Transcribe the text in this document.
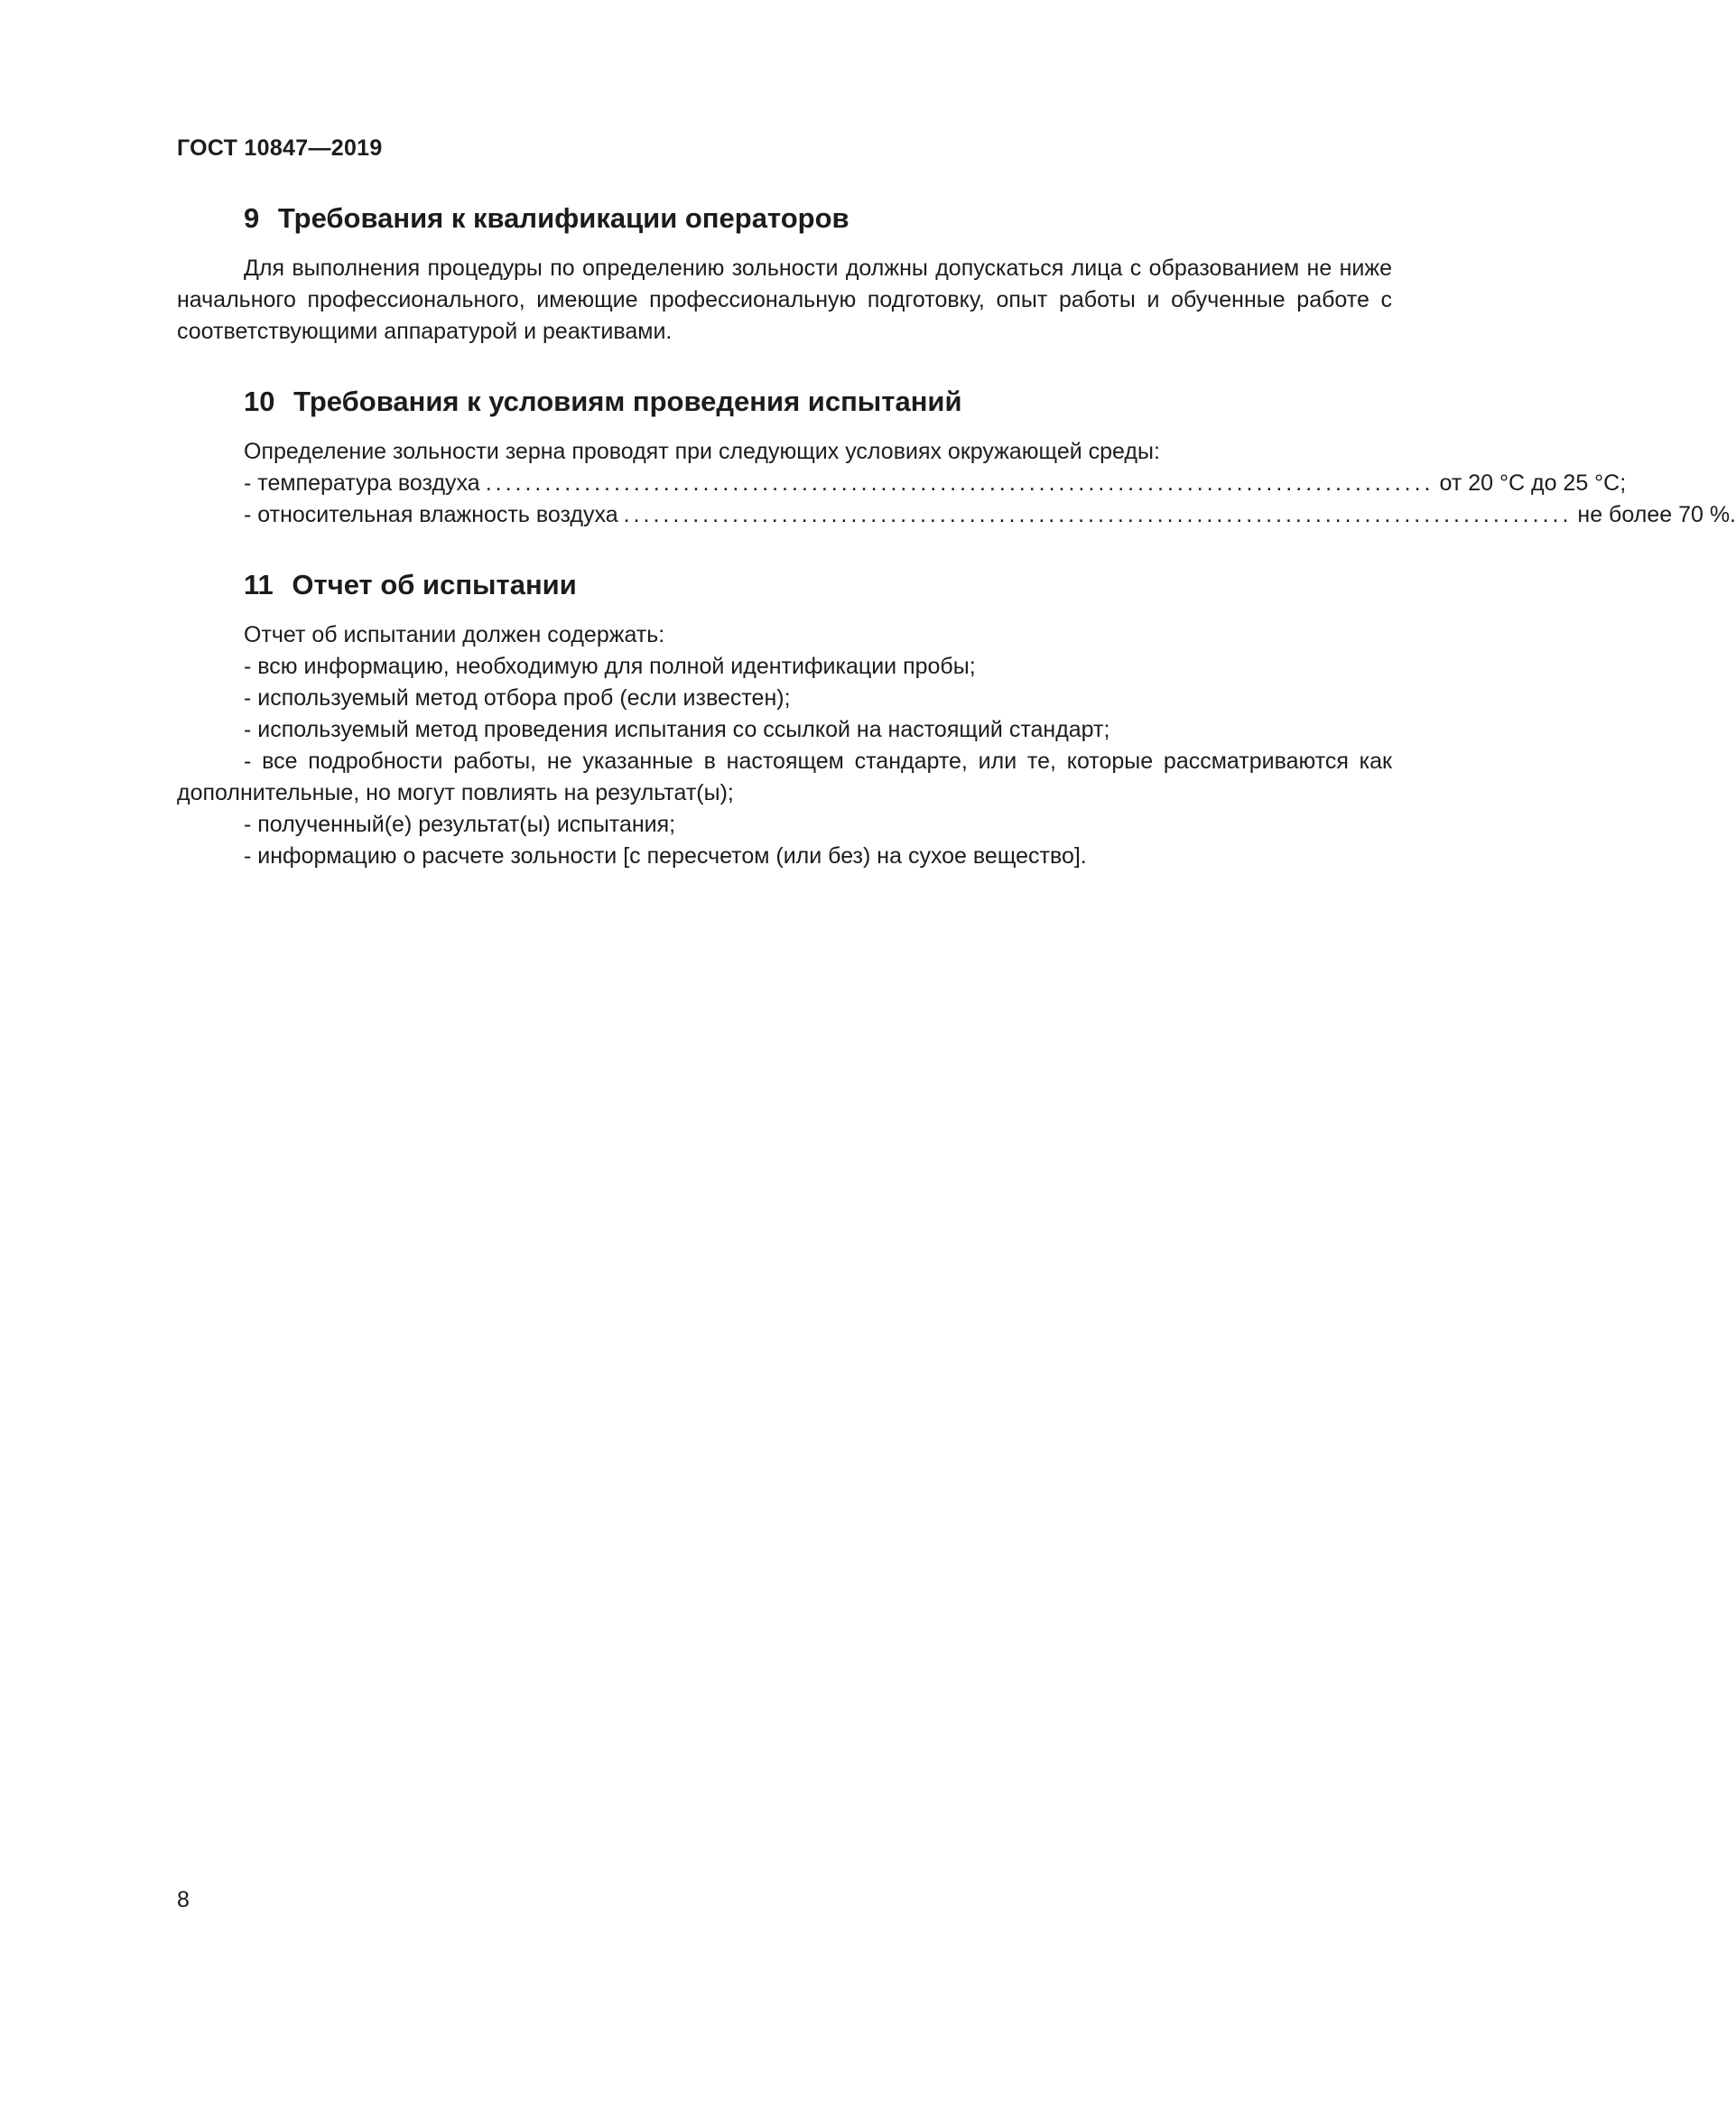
ГОСТ 10847—2019
9 Требования к квалификации операторов

Для выполнения процедуры по определению зольности должны допускаться лица с образованием не ниже начального профессионального, имеющие профессиональную подготовку, опыт работы и обученные работе с соответствующими аппаратурой и реактивами.

10 Требования к условиям проведения испытаний

Определение зольности зерна проводят при следующих условиях окружающей среды:

- температура воздуха ................................................................................................ от 20 °С до 25 °С;
- относительная влажность воздуха ................................................................................................ не более 70 %.
11 Отчет об испытании

Отчет об испытании должен содержать:

- всю информацию, необходимую для полной идентификации пробы;

- используемый метод отбора проб (если известен);

- используемый метод проведения испытания со ссылкой на настоящий стандарт;

- все подробности работы, не указанные в настоящем стандарте, или те, которые рассматриваются как дополнительные, но могут повлиять на результат(ы);

- полученный(е) результат(ы) испытания;

- информацию о расчете зольности [с пересчетом (или без) на сухое вещество].

8
